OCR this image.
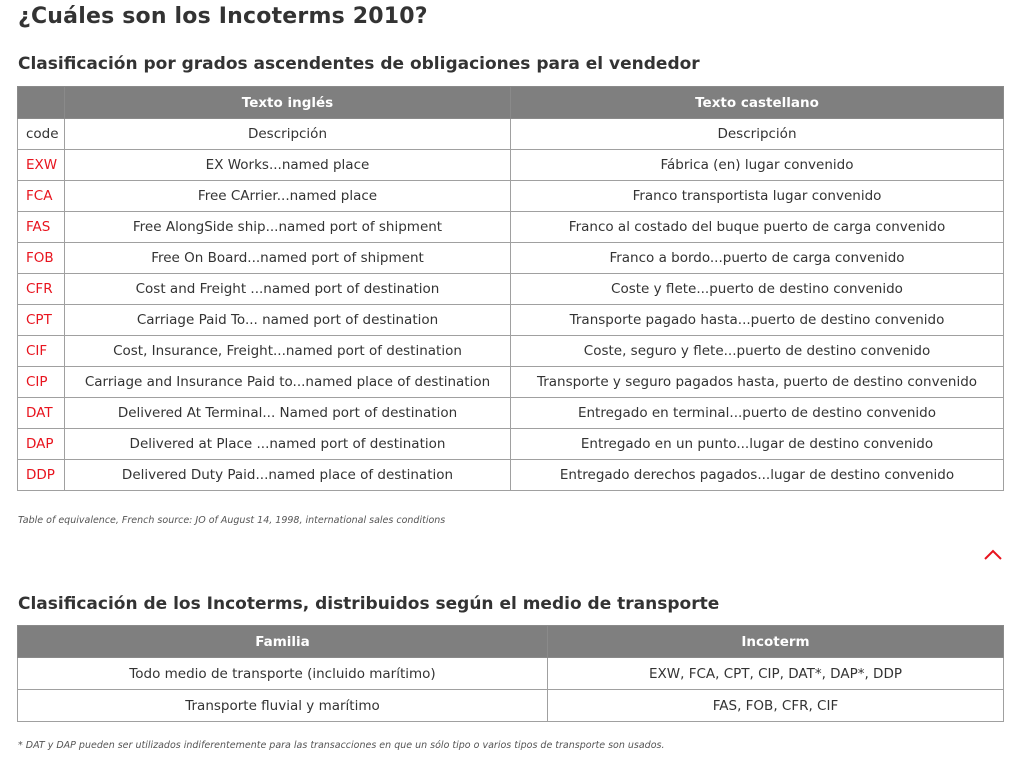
¿Cuáles son los Incoterms 2010?
Clasificación por grados ascendentes de obligaciones para el vendedor
	Texto inglés	Texto castellano
code	Descripción	Descripción
EXW	EX Works...named place	Fábrica (en) lugar convenido
FCA	Free CArrier...named place	Franco transportista lugar convenido
FAS	Free AlongSide ship...named port of shipment	Franco al costado del buque puerto de carga convenido
FOB	Free On Board...named port of shipment	Franco a bordo...puerto de carga convenido
CFR	Cost and Freight ...named port of destination	Coste y flete...puerto de destino convenido
CPT	Carriage Paid To... named port of destination	Transporte pagado hasta...puerto de destino convenido
CIF	Cost, Insurance, Freight...named port of destination	Coste, seguro y flete...puerto de destino convenido
CIP	Carriage and Insurance Paid to...named place of destination	Transporte y seguro pagados hasta, puerto de destino convenido
DAT	Delivered At Terminal... Named port of destination	Entregado en terminal...puerto de destino convenido
DAP	Delivered at Place ...named port of destination	Entregado en un punto...lugar de destino convenido
DDP	Delivered Duty Paid...named place of destination	Entregado derechos pagados...lugar de destino convenido
Table of equivalence, French source: JO of August 14, 1998, international sales conditions
Clasificación de los Incoterms, distribuidos según el medio de transporte
Familia	Incoterm
Todo medio de transporte (incluido marítimo)	EXW, FCA, CPT, CIP, DAT*, DAP*, DDP
Transporte fluvial y marítimo	FAS, FOB, CFR, CIF
* DAT y DAP pueden ser utilizados indiferentemente para las transacciones en que un sólo tipo o varios tipos de transporte son usados.
